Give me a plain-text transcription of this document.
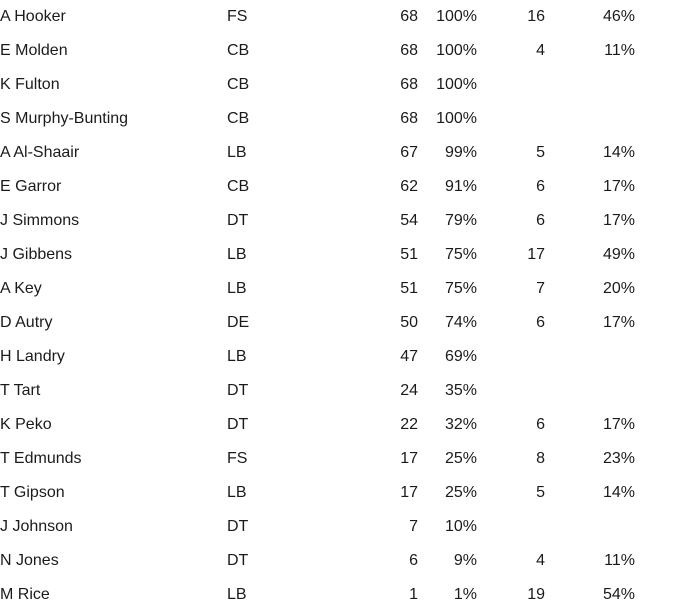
A Hooker	FS	68	100%	16	46%
E Molden	CB	68	100%	4	11%
K Fulton	CB	68	100%		
S Murphy-Bunting	CB	68	100%		
A Al-Shaair	LB	67	99%	5	14%
E Garror	CB	62	91%	6	17%
J Simmons	DT	54	79%	6	17%
J Gibbens	LB	51	75%	17	49%
A Key	LB	51	75%	7	20%
D Autry	DE	50	74%	6	17%
H Landry	LB	47	69%		
T Tart	DT	24	35%		
K Peko	DT	22	32%	6	17%
T Edmunds	FS	17	25%	8	23%
T Gipson	LB	17	25%	5	14%
J Johnson	DT	7	10%		
N Jones	DT	6	9%	4	11%
M Rice	LB	1	1%	19	54%
